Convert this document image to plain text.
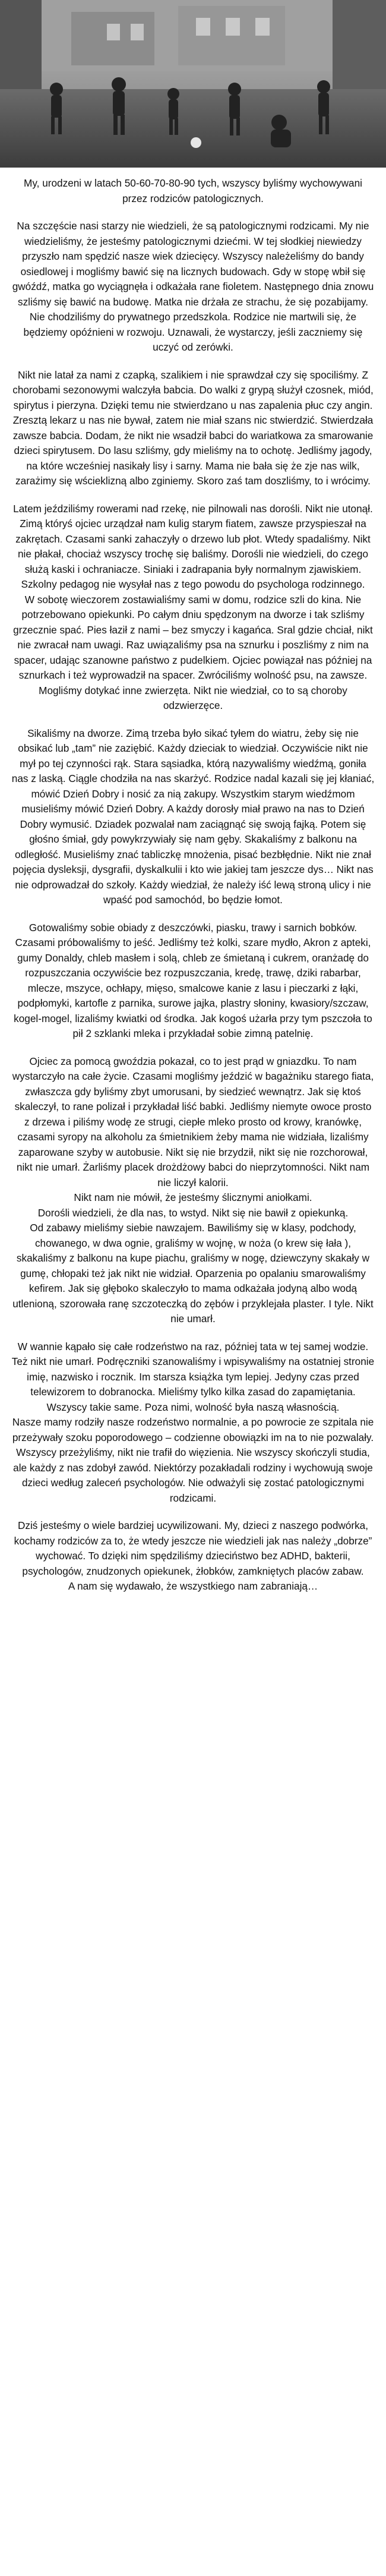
My, urodzeni w latach 50-60-70-80-90 tych, wszyscy byliśmy wychowywani przez rodziców patologicznych.

Na szczęście nasi starzy nie wiedzieli, że są patologicznymi rodzicami. My nie wiedzieliśmy, że jesteśmy patologicznymi dziećmi. W tej słodkiej niewiedzy przyszło nam spędzić nasze wiek dziecięcy. Wszyscy należeliśmy do bandy osiedlowej i mogliśmy bawić się na licznych budowach. Gdy w stopę wbił się gwóźdź, matka go wyciągnęła i odkażała rane fioletem. Następnego dnia znowu szliśmy się bawić na budowę. Matka nie drżała ze strachu, że się pozabijamy. Nie chodziliśmy do prywatnego przedszkola. Rodzice nie martwili się, że będziemy opóźnieni w rozwoju. Uznawali, że wystarczy, jeśli zaczniemy się uczyć od zerówki.

Nikt nie latał za nami z czapką, szalikiem i nie sprawdzał czy się spociliśmy. Z chorobami sezonowymi walczyła babcia. Do walki z grypą służył czosnek, miód, spirytus i pierzyna. Dzięki temu nie stwierdzano u nas zapalenia płuc czy angin. Zresztą lekarz u nas nie bywał, zatem nie miał szans nic stwierdzić. Stwierdzała zawsze babcia. Dodam, że nikt nie wsadził babci do wariatkowa za smarowanie dzieci spirytusem. Do lasu szliśmy, gdy mieliśmy na to ochotę. Jedliśmy jagody, na które wcześniej nasikały lisy i sarny. Mama nie bała się że zje nas wilk, zarażimy się wścieklizną albo zginiemy. Skoro zaś tam doszliśmy, to i wrócimy.

Latem jeździliśmy rowerami nad rzekę, nie pilnowali nas dorośli. Nikt nie utonął.

Zimą któryś ojciec urządzał nam kulig starym fiatem, zawsze przyspieszał na zakrętach. Czasami sanki zahaczyły o drzewo lub płot. Wtedy spadaliśmy. Nikt nie płakał, chociaż wszyscy trochę się baliśmy. Dorośli nie wiedzieli, do czego służą kaski i ochraniacze. Siniaki i zadrapania były normalnym zjawiskiem. Szkolny pedagog nie wysyłał nas z tego powodu do psychologa rodzinnego.

W sobotę wieczorem zostawialiśmy sami w domu, rodzice szli do kina. Nie potrzebowano opiekunki. Po całym dniu spędzonym na dworze i tak szliśmy grzecznie spać. Pies łaził z nami – bez smyczy i kagańca. Sral gdzie chciał, nikt nie zwracał nam uwagi. Raz uwiązaliśmy psa na sznurku i poszliśmy z nim na spacer, udając szanowne państwo z pudelkiem. Ojciec powiązał nas później na sznurkach i też wyprowadził na spacer. Zwróciliśmy wolność psu, na zawsze. Mogliśmy dotykać inne zwierzęta. Nikt nie wiedział, co to są choroby odzwierzęce.

Sikaliśmy na dworze. Zimą trzeba było sikać tyłem do wiatru, żeby się nie obsikać lub „tam” nie zaziębić. Każdy dzieciak to wiedział. Oczywiście nikt nie mył po tej czynności rąk. Stara sąsiadka, którą nazywaliśmy wiedźmą, goniła nas z laską. Ciągle chodziła na nas skarżyć. Rodzice nadal kazali się jej kłaniać, mówić Dzień Dobry i nosić za nią zakupy. Wszystkim starym wiedźmom musieliśmy mówić Dzień Dobry. A każdy dorosły miał prawo na nas to Dzień Dobry wymusić. Dziadek pozwalał nam zaciągnąć się swoją fajką. Potem się głośno śmiał, gdy powykrzywiały się nam gęby. Skakaliśmy z balkonu na odległość. Musieliśmy znać tabliczkę mnożenia, pisać bezbłędnie. Nikt nie znał pojęcia dysleksji, dysgrafii, dyskalkulii i kto wie jakiej tam jeszcze dys… Nikt nas nie odprowadzał do szkoły. Każdy wiedział, że należy iść lewą stroną ulicy i nie wpaść pod samochód, bo będzie łomot.

Gotowaliśmy sobie obiady z deszczówki, piasku, trawy i sarnich bobków. Czasami próbowaliśmy to jeść. Jedliśmy też kolki, szare mydło, Akron z apteki, gumy Donaldy, chleb masłem i solą, chleb ze śmietaną i cukrem, oranżadę do rozpuszczania oczywiście bez rozpuszczania, kredę, trawę, dziki rabarbar, mlecze, mszyce, ochłapy, mięso, smalcowe kanie z lasu i pieczarki z łąki, podpłomyki, kartofle z parnika, surowe jajka, plastry słoniny, kwasiory/szczaw, kogel-mogel, lizaliśmy kwiatki od środka. Jak kogoś użarła przy tym pszczoła to pił 2 szklanki mleka i przykładał sobie zimną patelnię.

Ojciec za pomocą gwoździa pokazał, co to jest prąd w gniazdku. To nam wystarczyło na całe życie. Czasami mogliśmy jeździć w bagażniku starego fiata, zwłaszcza gdy byliśmy zbyt umorusani, by siedzieć wewnątrz. Jak się ktoś skaleczył, to rane polizał i przykładał liść babki. Jedliśmy niemyte owoce prosto z drzewa i piliśmy wodę ze strugi, ciepłe mleko prosto od krowy, kranówkę, czasami syropy na alkoholu za śmietnikiem żeby mama nie widziała, lizaliśmy zaparowane szyby w autobusie. Nikt się nie brzydził, nikt się nie rozchorował, nikt nie umarł. Żarliśmy placek drożdżowy babci do nieprzytomności. Nikt nam nie liczył kalorii.

Nikt nam nie mówił, że jesteśmy ślicznymi aniołkami.

Dorośli wiedzieli, że dla nas, to wstyd. Nikt się nie bawił z opiekunką.

Od zabawy mieliśmy siebie nawzajem. Bawiliśmy się w klasy, podchody, chowanego, w dwa ognie, graliśmy w wojnę, w noża (o krew się łała ), skakaliśmy z balkonu na kupe piachu, graliśmy w nogę, dziewczyny skakały w gumę, chłopaki też jak nikt nie widział. Oparzenia po opalaniu smarowaliśmy kefirem. Jak się głęboko skaleczyło to mama odkażała jodyną albo wodą utlenioną, szorowała ranę szczoteczką do zębów i przyklejała plaster. I tyle. Nikt nie umarł.

W wannie kąpało się całe rodzeństwo na raz, później tata w tej samej wodzie. Też nikt nie umarł. Podręczniki szanowaliśmy i wpisywaliśmy na ostatniej stronie imię, nazwisko i rocznik. Im starsza książka tym lepiej. Jedyny czas przed telewizorem to dobranocka. Mieliśmy tylko kilka zasad do zapamiętania. Wszyscy takie same. Poza nimi, wolność była naszą własnością.

Nasze mamy rodziły nasze rodzeństwo normalnie, a po powrocie ze szpitala nie przeżywały szoku poporodowego – codzienne obowiązki im na to nie pozwalały. Wszyscy przeżyliśmy, nikt nie trafił do więzienia. Nie wszyscy skończyli studia, ale każdy z nas zdobył zawód. Niektórzy pozakładali rodziny i wychowują swoje dzieci według zaleceń psychologów. Nie odważyli się zostać patologicznymi rodzicami.

Dziś jesteśmy o wiele bardziej ucywilizowani. My, dzieci z naszego podwórka, kochamy rodziców za to, że wtedy jeszcze nie wiedzieli jak nas należy „dobrze” wychować. To dzięki nim spędziliśmy dzieciństwo bez ADHD, bakterii, psychologów, znudzonych opiekunek, żłobków, zamkniętych placów zabaw.

A nam się wydawało, że wszystkiego nam zabraniają…
